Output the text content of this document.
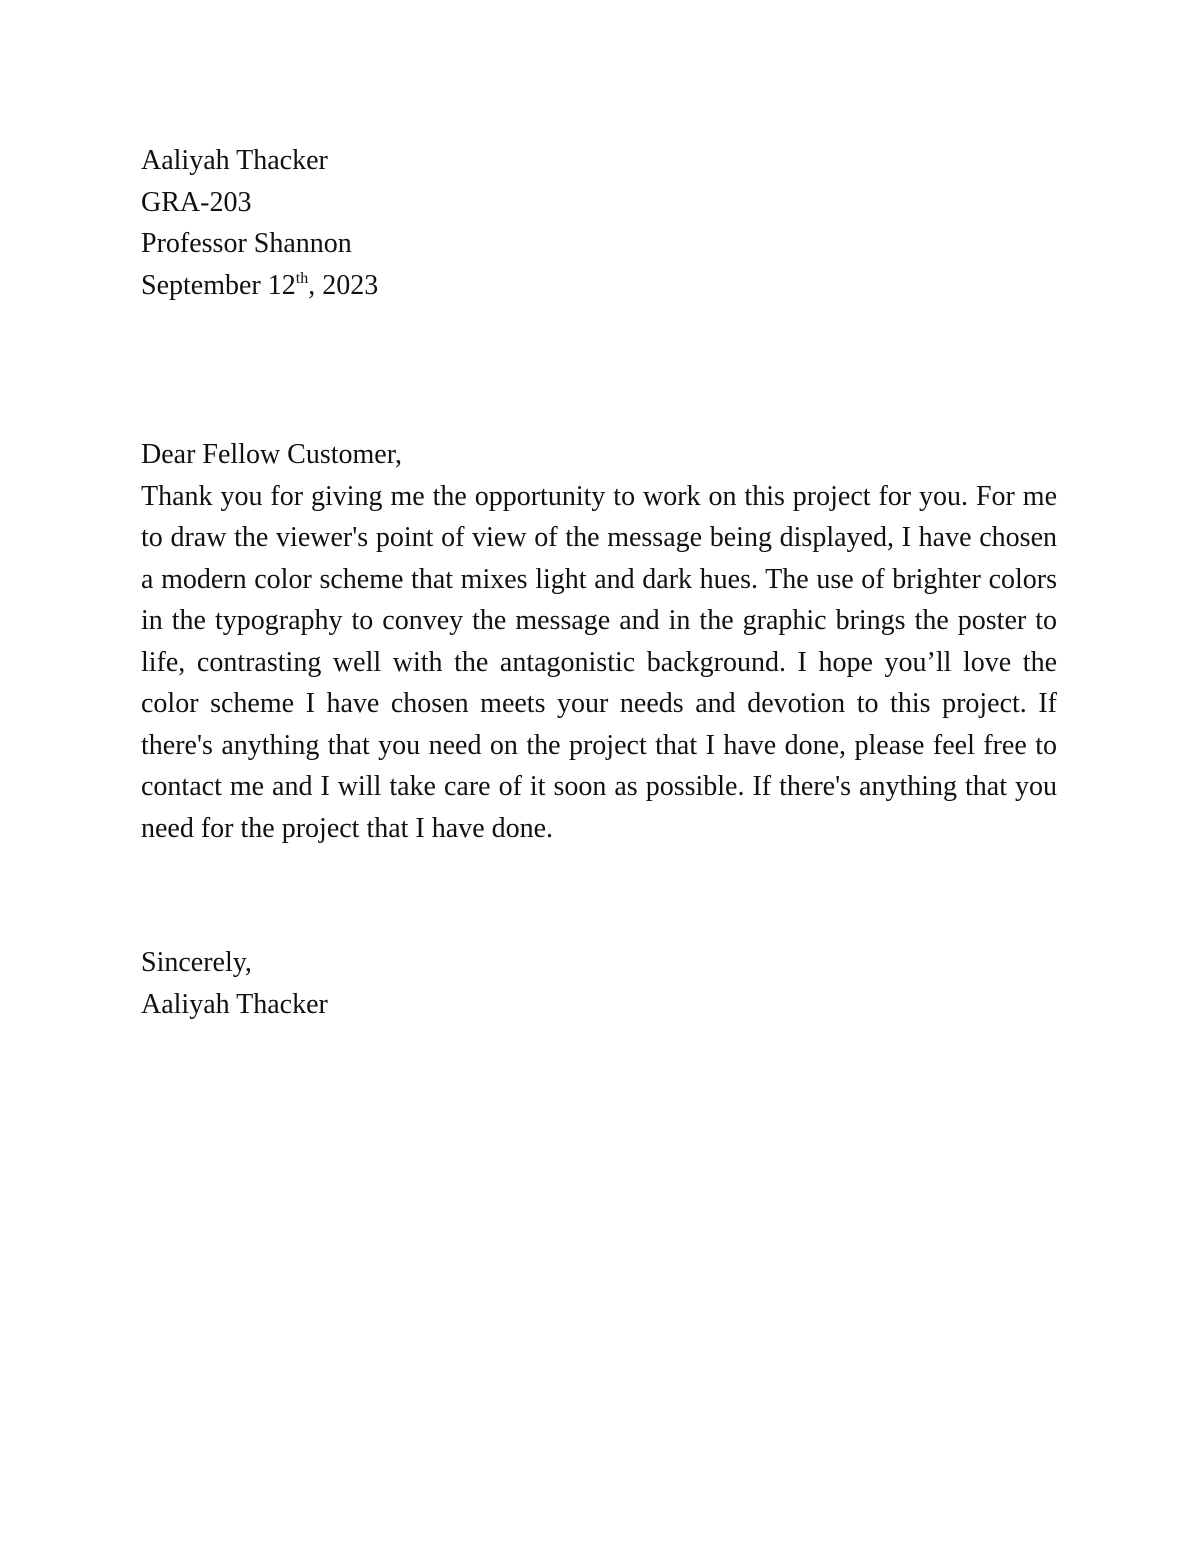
Aaliyah Thacker
GRA-203
Professor Shannon
September 12th, 2023
Dear Fellow Customer,

Thank you for giving me the opportunity to work on this project for you. For me to draw the viewer's point of view of the message being displayed, I have chosen a modern color scheme that mixes light and dark hues. The use of brighter colors in the typography to convey the message and in the graphic brings the poster to life, contrasting well with the antagonistic background. I hope you’ll love the color scheme I have chosen meets your needs and devotion to this project. If there's anything that you need on the project that I have done, please feel free to contact me and I will take care of it soon as possible. If there's anything that you need for the project that I have done.

Sincerely,
Aaliyah Thacker
